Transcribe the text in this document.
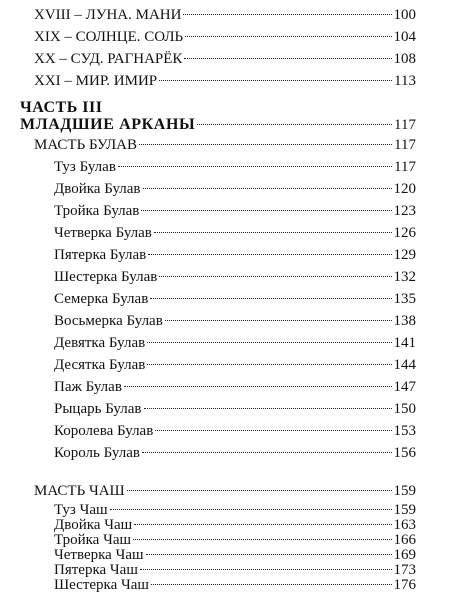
XVIII – ЛУНА. МАНИ	100
XIX – СОЛНЦЕ. СОЛЬ	104
XX – СУД. РАГНАРЁК	108
XXI – МИР. ИМИР	113
ЧАСТЬ III
МЛАДШИЕ АРКАНЫ	117
МАСТЬ БУЛАВ	117
Туз Булав	117
Двойка Булав	120
Тройка Булав	123
Четверка Булав	126
Пятерка Булав	129
Шестерка Булав	132
Семерка Булав	135
Восьмерка Булав	138
Девятка Булав	141
Десятка Булав	144
Паж Булав	147
Рыцарь Булав	150
Королева Булав	153
Король Булав	156
МАСТЬ ЧАШ	159
Туз Чаш	159
Двойка Чаш	163
Тройка Чаш	166
Четверка Чаш	169
Пятерка Чаш	173
Шестерка Чаш	176
